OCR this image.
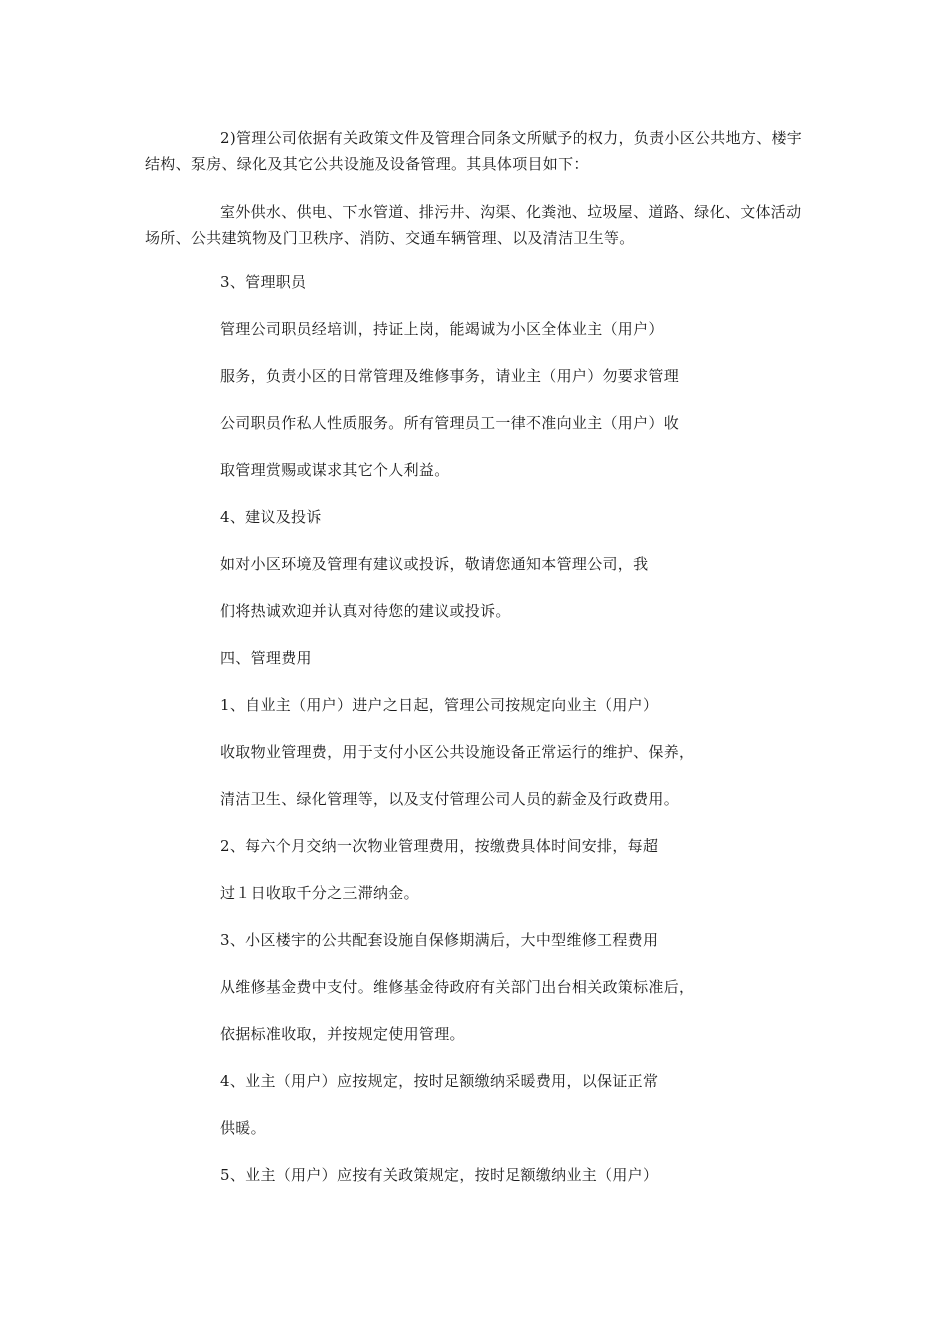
2)管理公司依据有关政策文件及管理合同条文所赋予的权力，负责小区公共地方、楼宇结构、泵房、绿化及其它公共设施及设备管理。其具体项目如下：

室外供水、供电、下水管道、排污井、沟渠、化粪池、垃圾屋、道路、绿化、文体活动场所、公共建筑物及门卫秩序、消防、交通车辆管理、以及清洁卫生等。

3、管理职员

管理公司职员经培训，持证上岗，能竭诚为小区全体业主（用户）

服务，负责小区的日常管理及维修事务，请业主（用户）勿要求管理

公司职员作私人性质服务。所有管理员工一律不准向业主（用户）收

取管理赏赐或谋求其它个人利益。

4、建议及投诉

如对小区环境及管理有建议或投诉，敬请您通知本管理公司，我

们将热诚欢迎并认真对待您的建议或投诉。

四、管理费用

1、自业主（用户）进户之日起，管理公司按规定向业主（用户）

收取物业管理费，用于支付小区公共设施设备正常运行的维护、保养，

清洁卫生、绿化管理等，以及支付管理公司人员的薪金及行政费用。

2、每六个月交纳一次物业管理费用，按缴费具体时间安排，每超

过１日收取千分之三滞纳金。

3、小区楼宇的公共配套设施自保修期满后，大中型维修工程费用

从维修基金费中支付。维修基金待政府有关部门出台相关政策标准后，

依据标准收取，并按规定使用管理。

4、业主（用户）应按规定，按时足额缴纳采暖费用，以保证正常

供暖。

5、业主（用户）应按有关政策规定，按时足额缴纳业主（用户）
